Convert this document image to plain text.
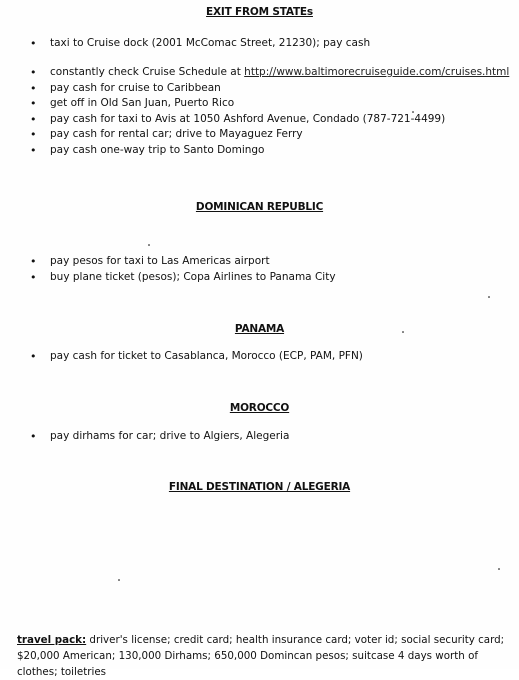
EXIT FROM STATEs
• taxi to Cruise dock (2001 McComac Street, 21230); pay cash
• constantly check Cruise Schedule at http://www.baltimorecruiseguide.com/cruises.html
• pay cash for cruise to Caribbean
• get off in Old San Juan, Puerto Rico
• pay cash for taxi to Avis at 1050 Ashford Avenue, Condado (787-721-4499)
• pay cash for rental car; drive to Mayaguez Ferry
• pay cash one-way trip to Santo Domingo
DOMINICAN REPUBLIC
• pay pesos for taxi to Las Americas airport
• buy plane ticket (pesos); Copa Airlines to Panama City
PANAMA
• pay cash for ticket to Casablanca, Morocco (ECP, PAM, PFN)
MOROCCO
• pay dirhams for car; drive to Algiers, Alegeria
FINAL DESTINATION / ALEGERIA
travel pack: driver's license; credit card; health insurance card; voter id; social security card; $20,000 American; 130,000 Dirhams; 650,000 Domincan pesos; suitcase 4 days worth of clothes; toiletries
